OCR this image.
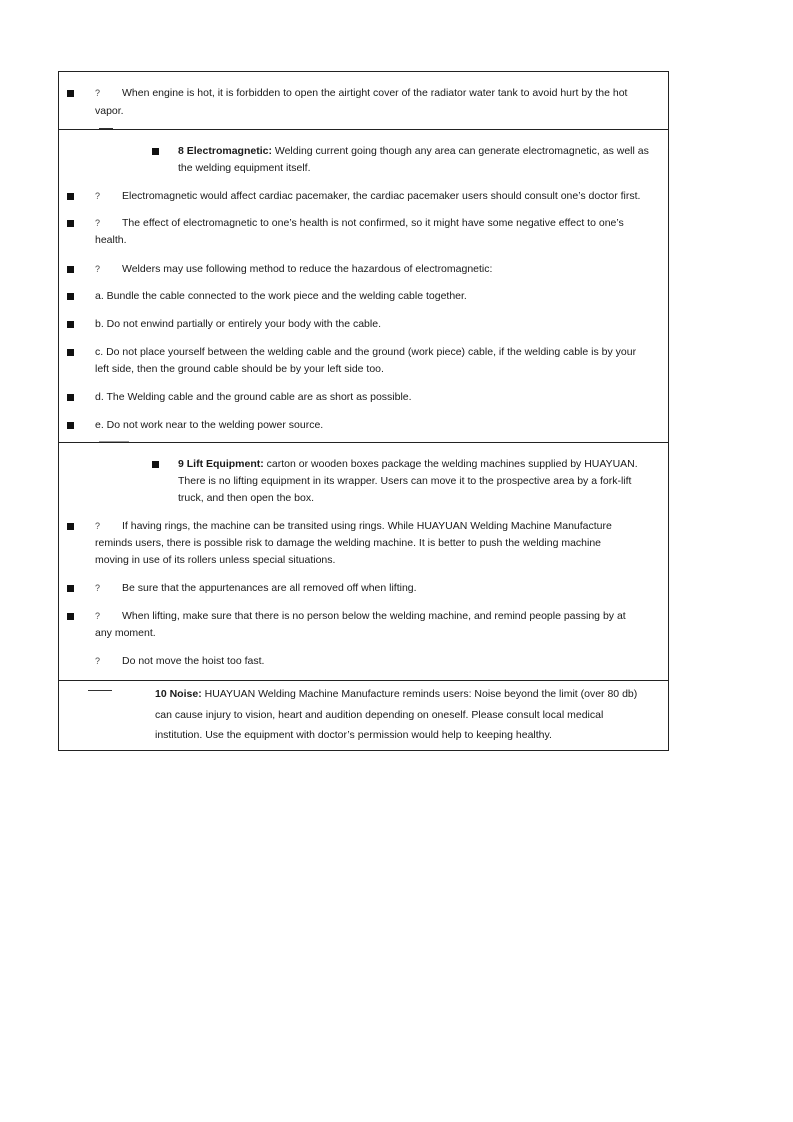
? When engine is hot, it is forbidden to open the airtight cover of the radiator water tank to avoid hurt by the hot
vapor.
8 Electromagnetic: Welding current going though any area can generate electromagnetic, as well as
the welding equipment itself.
? Electromagnetic would affect cardiac pacemaker, the cardiac pacemaker users should consult one’s doctor first.
? The effect of electromagnetic to one’s health is not confirmed, so it might have some negative effect to one’s
health.
? Welders may use following method to reduce the hazardous of electromagnetic:
a. Bundle the cable connected to the work piece and the welding cable together.
b. Do not enwind partially or entirely your body with the cable.
c. Do not place yourself between the welding cable and the ground (work piece) cable, if the welding cable is by your
left side, then the ground cable should be by your left side too.
d. The Welding cable and the ground cable are as short as possible.
e. Do not work near to the welding power source.
9 Lift Equipment: carton or wooden boxes package the welding machines supplied by HUAYUAN.
There is no lifting equipment in its wrapper. Users can move it to the prospective area by a fork-lift
truck, and then open the box.
? If having rings, the machine can be transited using rings. While HUAYUAN Welding Machine Manufacture
reminds users, there is possible risk to damage the welding machine. It is better to push the welding machine
moving in use of its rollers unless special situations.
? Be sure that the appurtenances are all removed off when lifting.
? When lifting, make sure that there is no person below the welding machine, and remind people passing by at
any moment.
? Do not move the hoist too fast.
10 Noise: HUAYUAN Welding Machine Manufacture reminds users: Noise beyond the limit (over 80 db)
can cause injury to vision, heart and audition depending on oneself. Please consult local medical
institution. Use the equipment with doctor’s permission would help to keeping healthy.
